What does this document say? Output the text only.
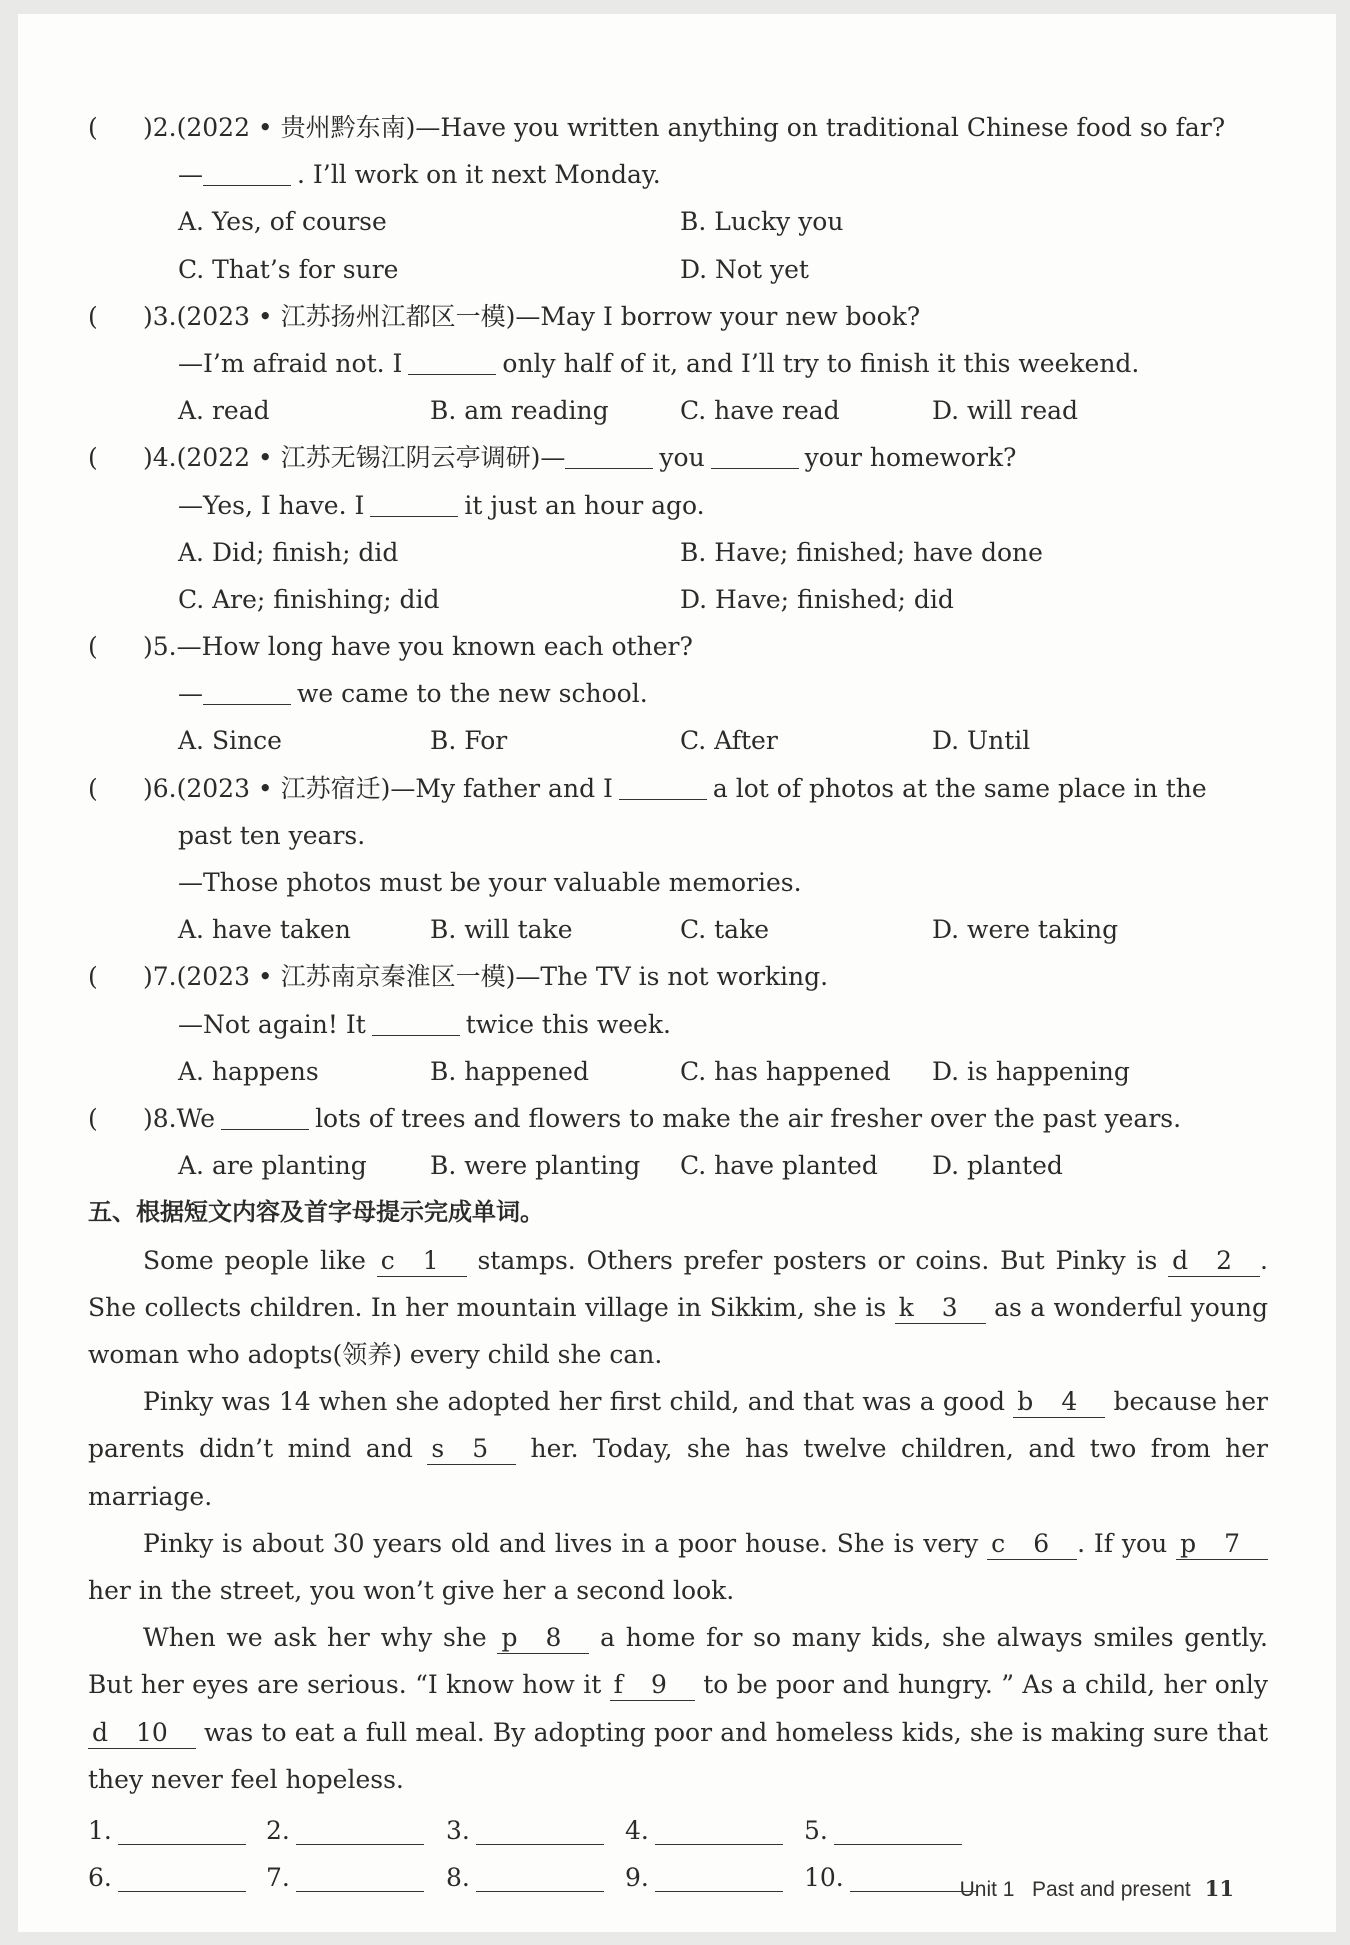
( )2.(2022 • 贵州黔东南)—Have you written anything on traditional Chinese food so far?
—	. I’ll work on it next Monday.
A. Yes, of course	B. Lucky you
C. That’s for sure	D. Not yet
( )3.(2023 • 江苏扬州江都区一模)—May I borrow your new book?
—I’m afraid not. I	only half of it, and I’ll try to finish it this weekend.
A. read	B. am reading	C. have read	D. will read
( )4.(2022 • 江苏无锡江阴云亭调研)—	you	your homework?
—Yes, I have. I	it just an hour ago.
A. Did; finish; did	B. Have; finished; have done
C. Are; finishing; did	D. Have; finished; did
( )5.—How long have you known each other?
—	we came to the new school.
A. Since	B. For	C. After	D. Until
( )6.(2023 • 江苏宿迁)—My father and I	a lot of photos at the same place in the
past ten years.
—Those photos must be your valuable memories.
A. have taken	B. will take	C. take	D. were taking
( )7.(2023 • 江苏南京秦淮区一模)—The TV is not working.
—Not again! It	twice this week.
A. happens	B. happened	C. has happened D. is happening
( )8.We	lots of trees and flowers to make the air fresher over the past years.
A. are planting	B. were planting C. have planted D. planted
五、根据短文内容及首字母提示完成单词。

Some people like c 1 stamps. Others prefer posters or coins. But Pinky is d 2 . She collects children. In her mountain village in Sikkim, she is k 3 as a wonderful young woman who adopts(领养) every child she can.

Pinky was 14 when she adopted her first child, and that was a good b 4 because her parents didn’t mind and s 5 her. Today, she has twelve children, and two from her marriage.

Pinky is about 30 years old and lives in a poor house. She is very c 6 . If you p 7 her in the street, you won’t give her a second look.

When we ask her why she p 8 a home for so many kids, she always smiles gently. But her eyes are serious. “I know how it f 9 to be poor and hungry. ” As a child, her only d 10 was to eat a full meal. By adopting poor and homeless kids, she is making sure that they never feel hopeless.

1.	2.	3.	4.	5.
6.	7.	8.	9.	10.	Unit 1   Past and present 11
